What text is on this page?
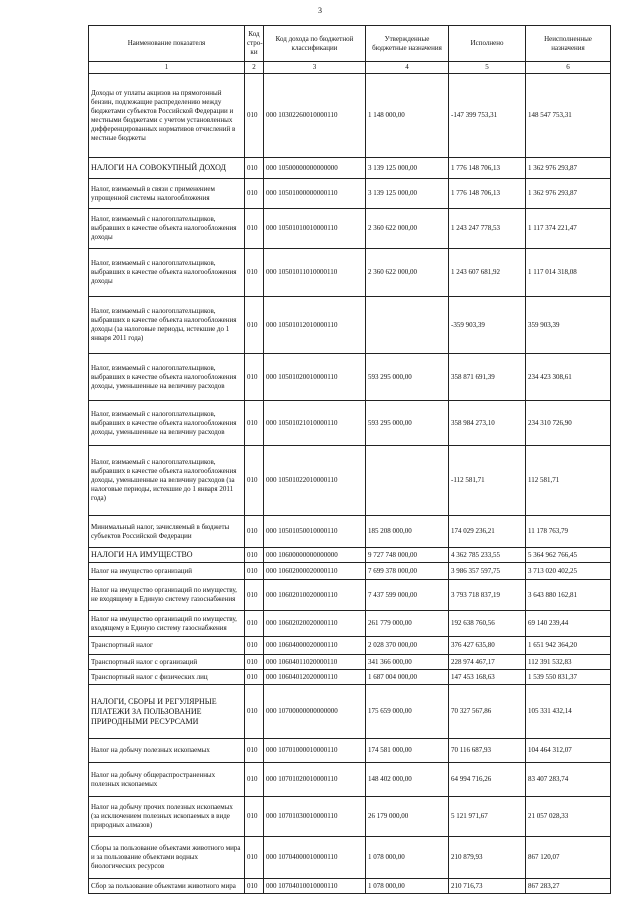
3
Наименование показателя	Код стро-ки	Код дохода по бюджетной классификации	Утвержденные бюджетные назначения	Исполнено	Неисполненные назначения
1	2	3	4	5	6
Доходы от уплаты акцизов на прямогонный бензин, подлежащие распределению между бюджетами субъектов Российской Федерации и местными бюджетами с учетом установленных дифференцированных нормативов отчислений в местные бюджеты	010	000 10302260010000110	1 148 000,00	-147 399 753,31	148 547 753,31
НАЛОГИ НА СОВОКУПНЫЙ ДОХОД	010	000 10500000000000000	3 139 125 000,00	1 776 148 706,13	1 362 976 293,87
Налог, взимаемый в связи с применением упрощенной системы налогообложения	010	000 10501000000000110	3 139 125 000,00	1 776 148 706,13	1 362 976 293,87
Налог, взимаемый с налогоплательщиков, выбравших в качестве объекта налогообложения доходы	010	000 10501010010000110	2 360 622 000,00	1 243 247 778,53	1 117 374 221,47
Налог, взимаемый с налогоплательщиков, выбравших в качестве объекта налогообложения доходы	010	000 10501011010000110	2 360 622 000,00	1 243 607 681,92	1 117 014 318,08
Налог, взимаемый с налогоплательщиков, выбравших в качестве объекта налогообложения доходы (за налоговые периоды, истекшие до 1 января 2011 года)	010	000 10501012010000110		-359 903,39	359 903,39
Налог, взимаемый с налогоплательщиков, выбравших в качестве объекта налогообложения доходы, уменьшенные на величину расходов	010	000 10501020010000110	593 295 000,00	358 871 691,39	234 423 308,61
Налог, взимаемый с налогоплательщиков, выбравших в качестве объекта налогообложения доходы, уменьшенные на величину расходов	010	000 10501021010000110	593 295 000,00	358 984 273,10	234 310 726,90
Налог, взимаемый с налогоплательщиков, выбравших в качестве объекта налогообложения доходы, уменьшенные на величину расходов (за налоговые периоды, истекшие до 1 января 2011 года)	010	000 10501022010000110		-112 581,71	112 581,71
Минимальный налог, зачисляемый в бюджеты субъектов Российской Федерации	010	000 10501050010000110	185 208 000,00	174 029 236,21	11 178 763,79
НАЛОГИ НА ИМУЩЕСТВО	010	000 10600000000000000	9 727 748 000,00	4 362 785 233,55	5 364 962 766,45
Налог на имущество организаций	010	000 10602000020000110	7 699 378 000,00	3 986 357 597,75	3 713 020 402,25
Налог на имущество организаций по имуществу, не входящему в Единую систему газоснабжения	010	000 10602010020000110	7 437 599 000,00	3 793 718 837,19	3 643 880 162,81
Налог на имущество организаций по имуществу, входящему в Единую систему газоснабжения	010	000 10602020020000110	261 779 000,00	192 638 760,56	69 140 239,44
Транспортный налог	010	000 10604000020000110	2 028 370 000,00	376 427 635,80	1 651 942 364,20
Транспортный налог с организаций	010	000 10604011020000110	341 366 000,00	228 974 467,17	112 391 532,83
Транспортный налог с физических лиц	010	000 10604012020000110	1 687 004 000,00	147 453 168,63	1 539 550 831,37
НАЛОГИ, СБОРЫ И РЕГУЛЯРНЫЕ ПЛАТЕЖИ ЗА ПОЛЬЗОВАНИЕ ПРИРОДНЫМИ РЕСУРСАМИ	010	000 10700000000000000	175 659 000,00	70 327 567,86	105 331 432,14
Налог на добычу полезных ископаемых	010	000 10701000010000110	174 581 000,00	70 116 687,93	104 464 312,07
Налог на добычу общераспространенных полезных ископаемых	010	000 10701020010000110	148 402 000,00	64 994 716,26	83 407 283,74
Налог на добычу прочих полезных ископаемых (за исключением полезных ископаемых в виде природных алмазов)	010	000 10701030010000110	26 179 000,00	5 121 971,67	21 057 028,33
Сборы за пользование объектами животного мира и за пользование объектами водных биологических ресурсов	010	000 10704000010000110	1 078 000,00	210 879,93	867 120,07
Сбор за пользование объектами животного мира	010	000 10704010010000110	1 078 000,00	210 716,73	867 283,27
